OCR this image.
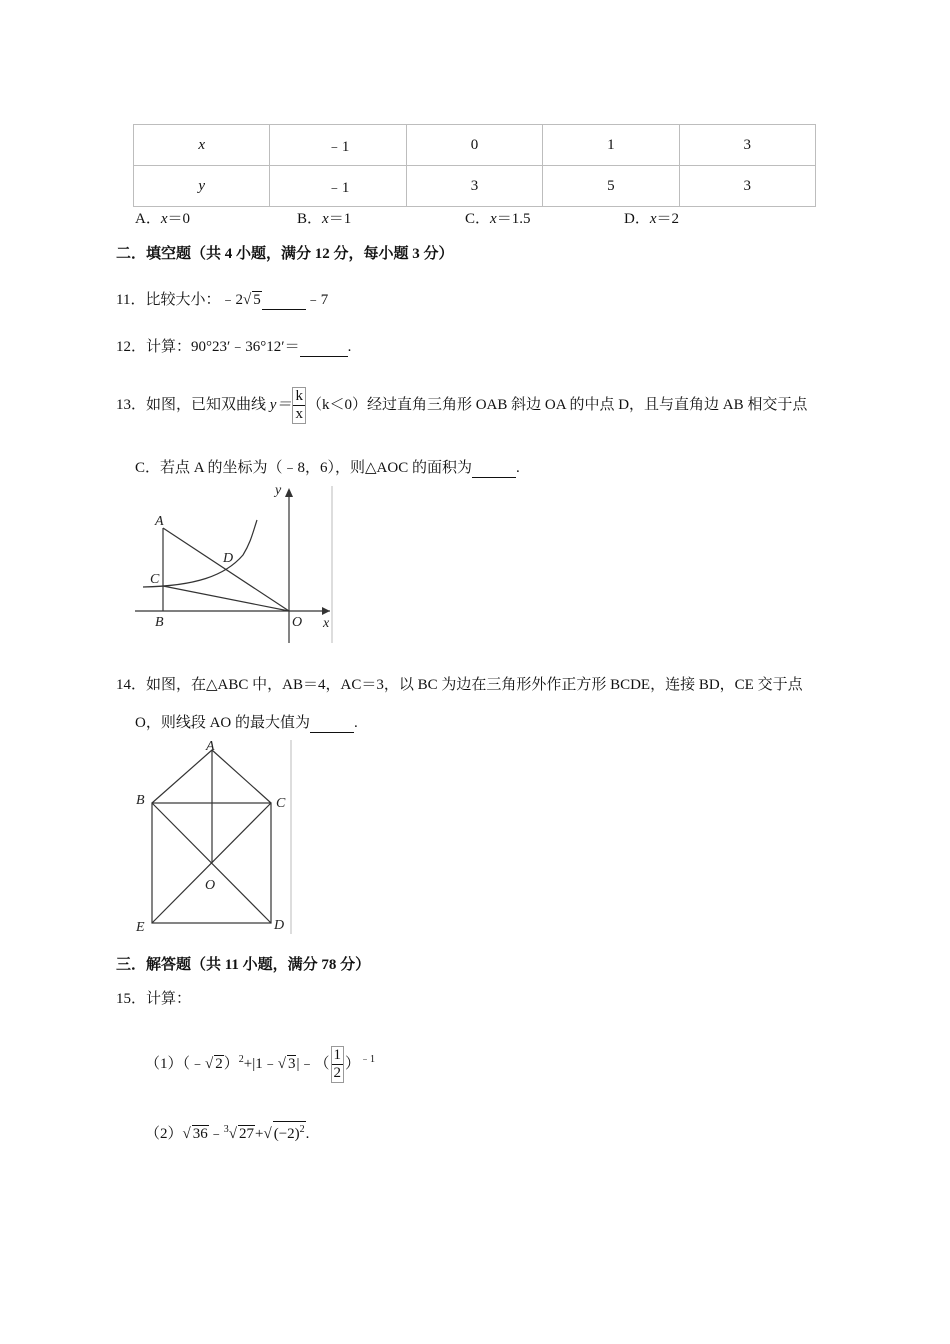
x	﹣1	0	1	3
y	﹣1	3	5	3
A．x＝0	B．x＝1	C．x＝1.5	D．x＝2
二．填空题（共 4 小题，满分 12 分，每小题 3 分）
11．比较大小：﹣2√ 5	﹣7
12．计算：90°23′﹣36°12′＝	.
13．如图，已知双曲线 $y= \frac{k}{x} (k<0)$经过直角三角形 OAB 斜边 OA 的中点 D，且与直角边 AB 相交于点
C．若点 A 的坐标为（﹣8，6），则△AOC 的面积为	.
A
B
C
D
O x
y
14．如图，在△ABC 中，AB＝4，AC＝3，以 BC 为边在三角形外作正方形 BCDE，连接 BD，CE 交于点
O，则线段 AO 的最大值为	.
A
B	C
D
E
O
三．解答题（共 11 小题，满分 78 分）
15．计算：
（1）（﹣√ 2）$^2$+|1﹣√ 3|﹣（ $\frac{1}{2} )^{﹣1}$
（2）√ 36﹣$^3$√ 27+√ $(-2)^2$.
